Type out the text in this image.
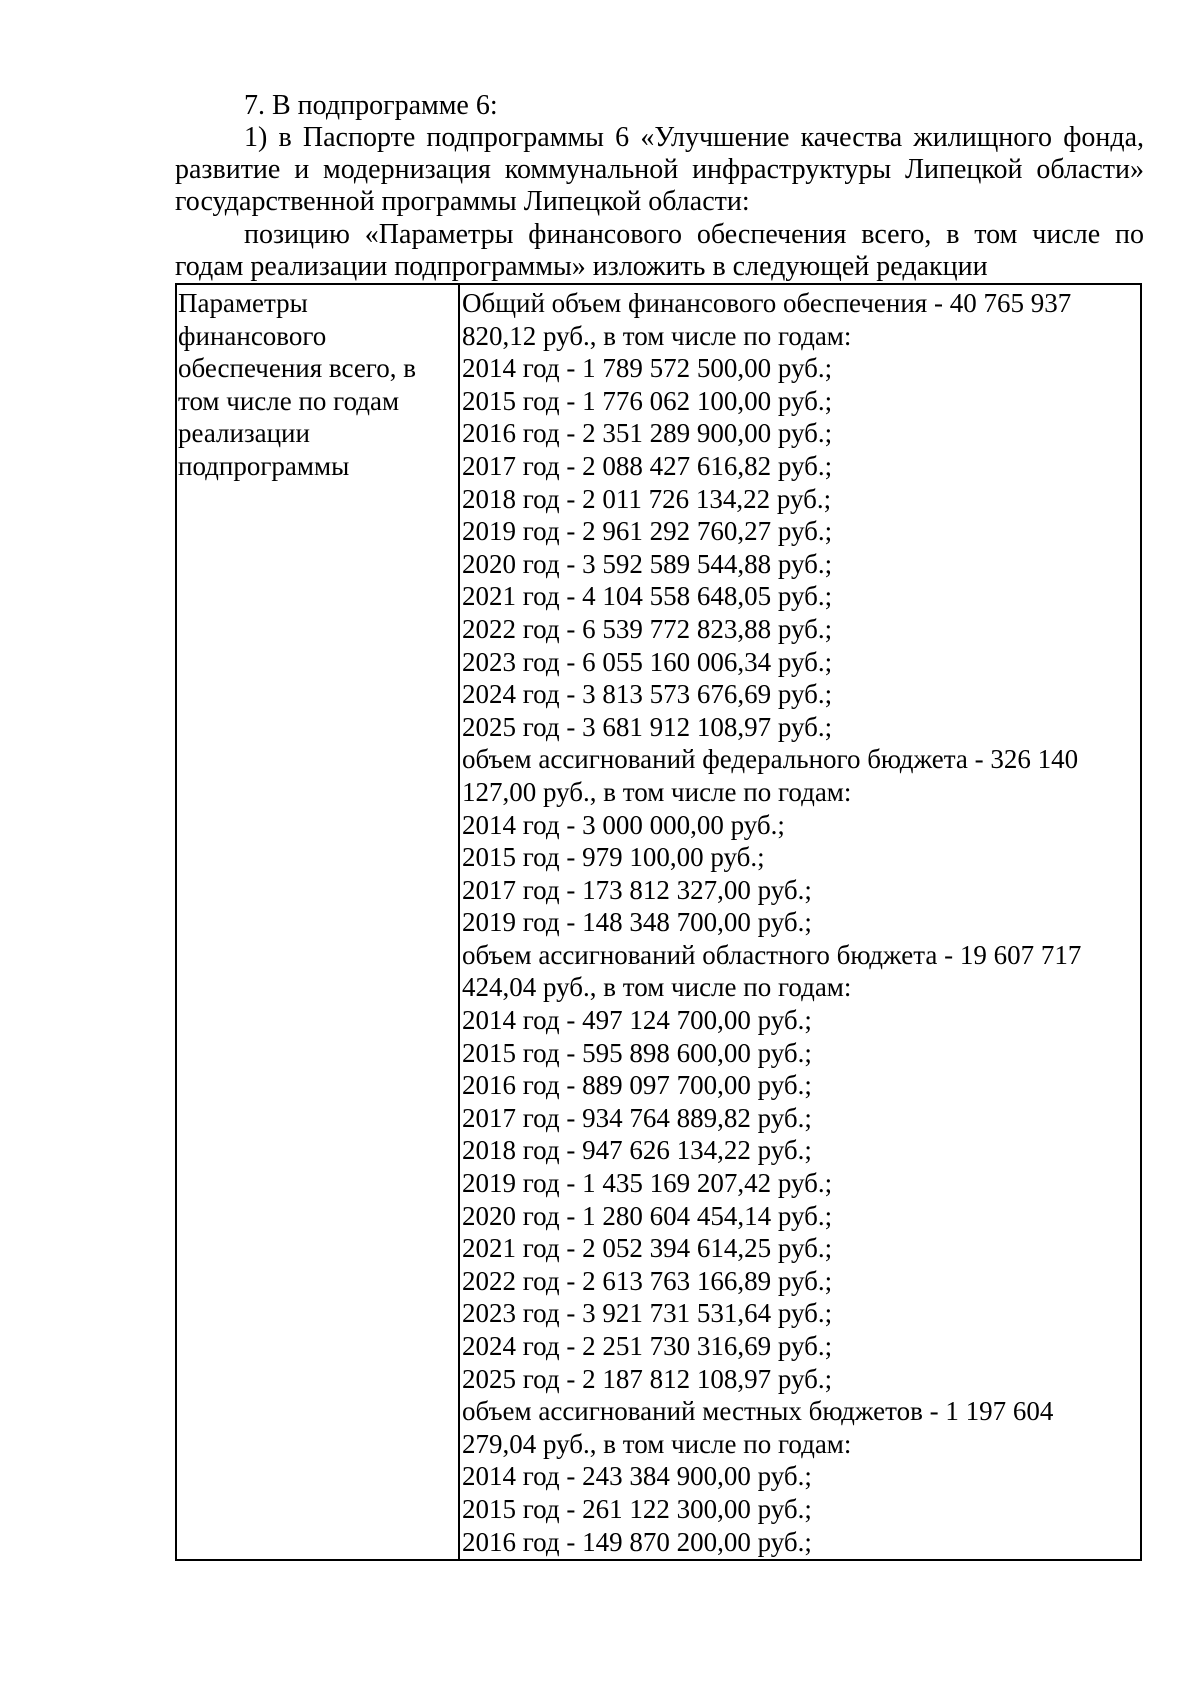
7. В подпрограмме 6:

1) в Паспорте подпрограммы 6 «Улучшение качества жилищного фонда, развитие и модернизация коммунальной инфраструктуры Липецкой области» государственной программы Липецкой области:

позицию «Параметры финансового обеспечения всего, в том числе по годам реализации подпрограммы» изложить в следующей редакции

Параметры
финансового
обеспечения всего, в
том числе по годам
реализации
подпрограммы
Общий объем финансового обеспечения - 40 765 937
820,12 руб., в том числе по годам:
2014 год - 1 789 572 500,00 руб.;
2015 год - 1 776 062 100,00 руб.;
2016 год - 2 351 289 900,00 руб.;
2017 год - 2 088 427 616,82 руб.;
2018 год - 2 011 726 134,22 руб.;
2019 год - 2 961 292 760,27 руб.;
2020 год - 3 592 589 544,88 руб.;
2021 год - 4 104 558 648,05 руб.;
2022 год - 6 539 772 823,88 руб.;
2023 год - 6 055 160 006,34 руб.;
2024 год - 3 813 573 676,69 руб.;
2025 год - 3 681 912 108,97 руб.;
объем ассигнований федерального бюджета - 326 140
127,00 руб., в том числе по годам:
2014 год - 3 000 000,00 руб.;
2015 год - 979 100,00 руб.;
2017 год - 173 812 327,00 руб.;
2019 год - 148 348 700,00 руб.;
объем ассигнований областного бюджета - 19 607 717
424,04 руб., в том числе по годам:
2014 год - 497 124 700,00 руб.;
2015 год - 595 898 600,00 руб.;
2016 год - 889 097 700,00 руб.;
2017 год - 934 764 889,82 руб.;
2018 год - 947 626 134,22 руб.;
2019 год - 1 435 169 207,42 руб.;
2020 год - 1 280 604 454,14 руб.;
2021 год - 2 052 394 614,25 руб.;
2022 год - 2 613 763 166,89 руб.;
2023 год - 3 921 731 531,64 руб.;
2024 год - 2 251 730 316,69 руб.;
2025 год - 2 187 812 108,97 руб.;
объем ассигнований местных бюджетов - 1 197 604
279,04 руб., в том числе по годам:
2014 год - 243 384 900,00 руб.;
2015 год - 261 122 300,00 руб.;
2016 год - 149 870 200,00 руб.;
